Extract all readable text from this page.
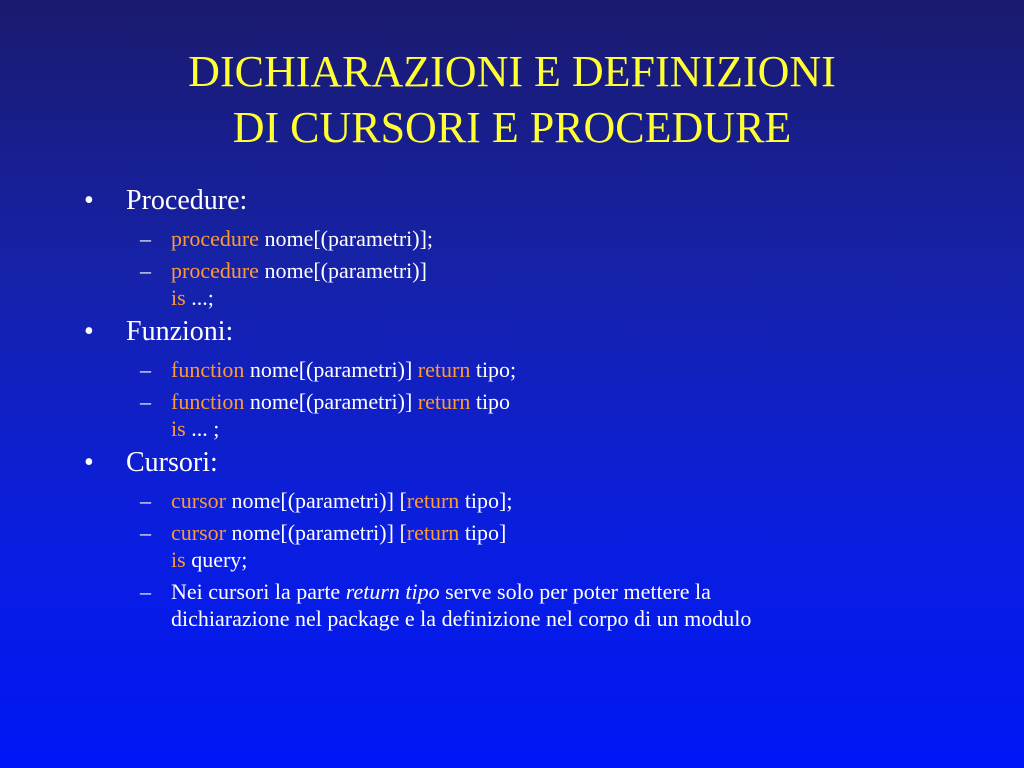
DICHIARAZIONI E DEFINIZIONI
DI CURSORI E PROCEDURE
•	Procedure:
– procedure nome[(parametri)];
– procedure nome[(parametri)]
is ...;
•	Funzioni:
– function nome[(parametri)] return tipo;
– function nome[(parametri)] return tipo
is ... ;
•	Cursori:
– cursor nome[(parametri)] [return tipo];
– cursor nome[(parametri)] [return tipo]
is query;
– Nei cursori la parte return tipo serve solo per poter mettere la
dichiarazione nel package e la definizione nel corpo di un modulo
